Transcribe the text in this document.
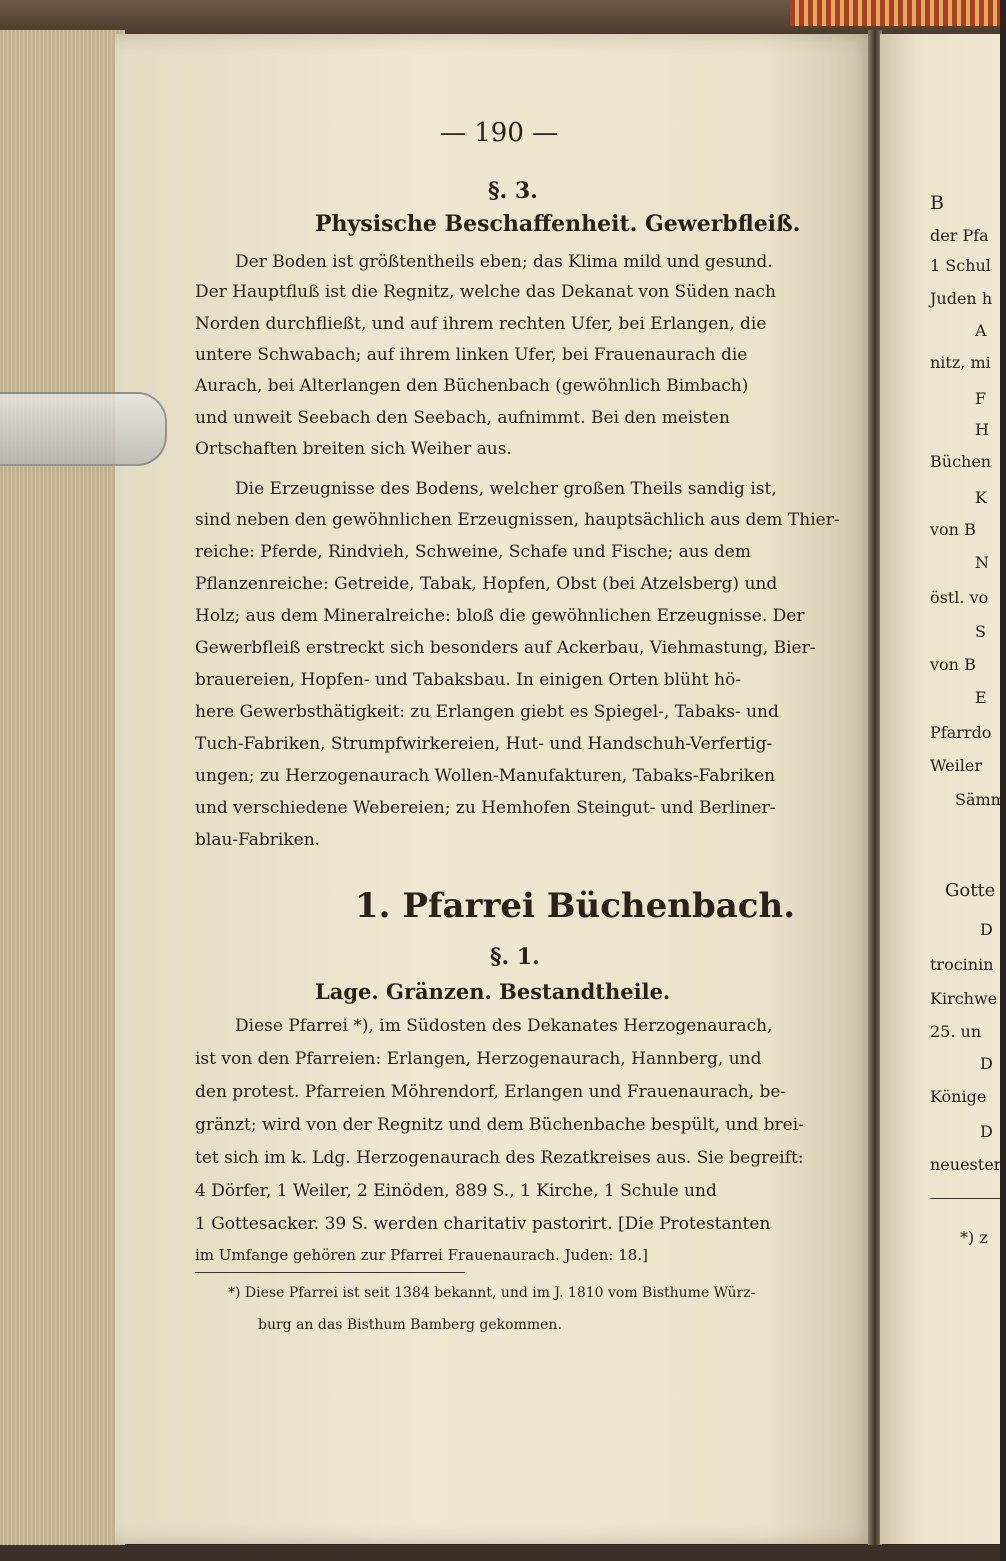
— 190 —
§. 3.
Physische Beschaffenheit. Gewerbfleiß.
Der Boden ist größtentheils eben; das Klima mild und gesund.
Der Hauptfluß ist die Regnitz, welche das Dekanat von Süden nach
Norden durchfließt, und auf ihrem rechten Ufer, bei Erlangen, die
untere Schwabach; auf ihrem linken Ufer, bei Frauenaurach die
Aurach, bei Alterlangen den Büchenbach (gewöhnlich Bimbach)
und unweit Seebach den Seebach, aufnimmt. Bei den meisten
Ortschaften breiten sich Weiher aus.
Die Erzeugnisse des Bodens, welcher großen Theils sandig ist,
sind neben den gewöhnlichen Erzeugnissen, hauptsächlich aus dem Thier-
reiche: Pferde, Rindvieh, Schweine, Schafe und Fische; aus dem
Pflanzenreiche: Getreide, Tabak, Hopfen, Obst (bei Atzelsberg) und
Holz; aus dem Mineralreiche: bloß die gewöhnlichen Erzeugnisse. Der
Gewerbfleiß erstreckt sich besonders auf Ackerbau, Viehmastung, Bier-
brauereien, Hopfen- und Tabaksbau. In einigen Orten blüht hö-
here Gewerbsthätigkeit: zu Erlangen giebt es Spiegel-, Tabaks- und
Tuch-Fabriken, Strumpfwirkereien, Hut- und Handschuh-Verfertig-
ungen; zu Herzogenaurach Wollen-Manufakturen, Tabaks-Fabriken
und verschiedene Webereien; zu Hemhofen Steingut- und Berliner-
blau-Fabriken.
1. Pfarrei Büchenbach.
§. 1.
Lage. Gränzen. Bestandtheile.
Diese Pfarrei *), im Südosten des Dekanates Herzogenaurach,
ist von den Pfarreien: Erlangen, Herzogenaurach, Hannberg, und
den protest. Pfarreien Möhrendorf, Erlangen und Frauenaurach, be-
gränzt; wird von der Regnitz und dem Büchenbache bespült, und brei-
tet sich im k. Ldg. Herzogenaurach des Rezatkreises aus. Sie begreift:
4 Dörfer, 1 Weiler, 2 Einöden, 889 S., 1 Kirche, 1 Schule und
1 Gottesacker. 39 S. werden charitativ pastorirt. [Die Protestanten
im Umfange gehören zur Pfarrei Frauenaurach. Juden: 18.]
*) Diese Pfarrei ist seit 1384 bekannt, und im J. 1810 vom Bisthume Würz-
burg an das Bisthum Bamberg gekommen.
B
der Pfa
1 Schul
Juden h
A
nitz, mi
F
H
Büchen
K
von B
N
östl. vo
S
von B
E
Pfarrdo
Weiler
Sämm
Gotte
D
trocinin
Kirchwe
25. un
D
Könige
D
neuester
*) z
